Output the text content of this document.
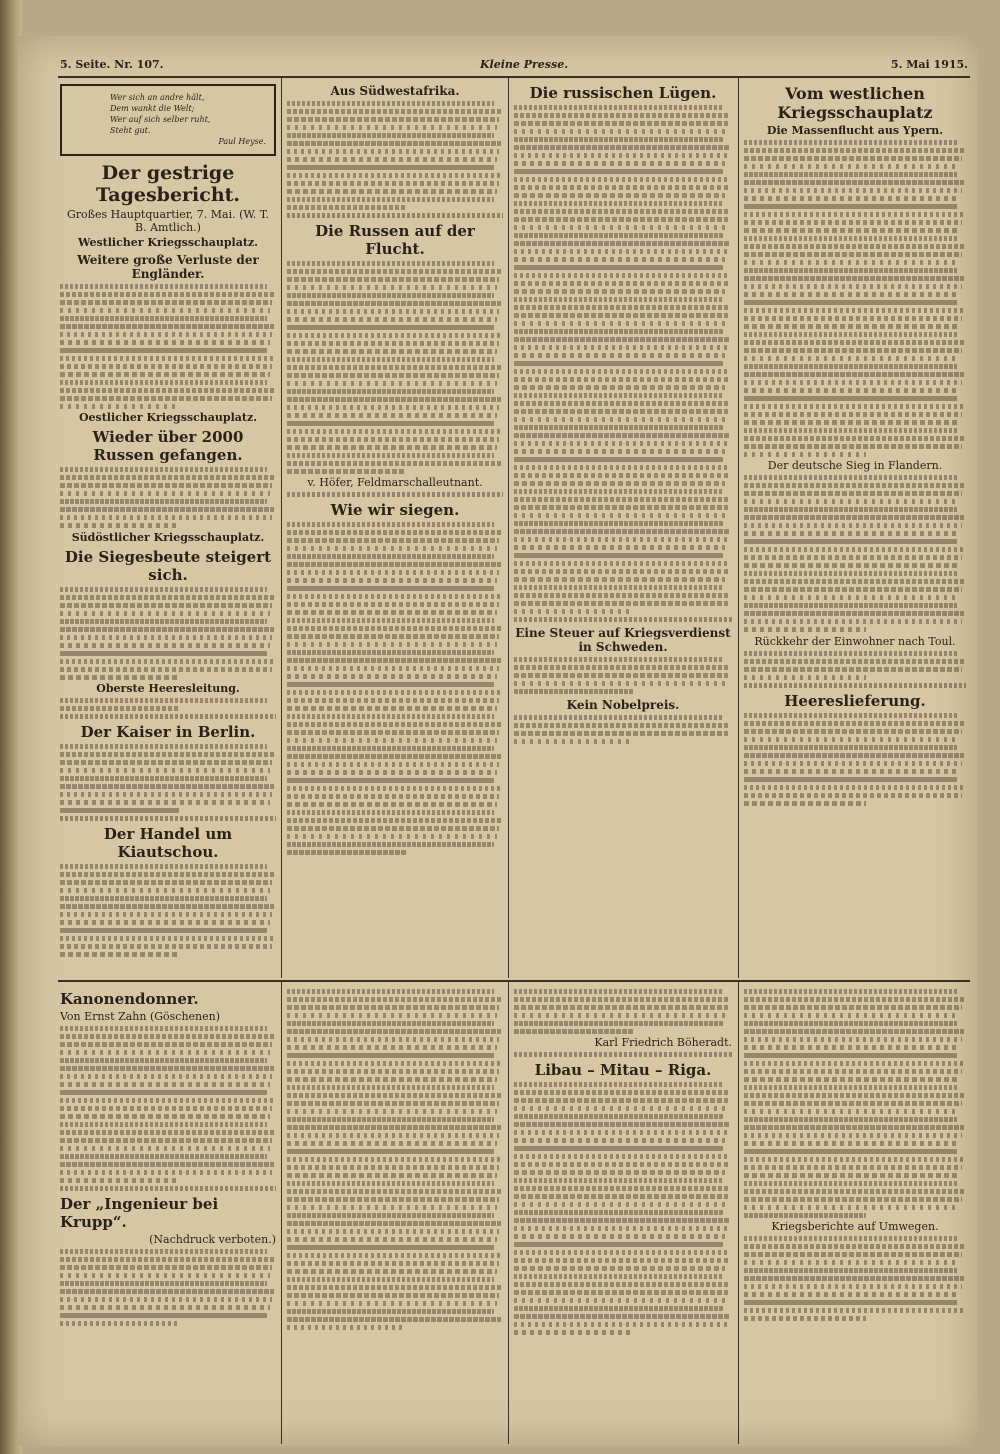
5. Seite. Nr. 107.	Kleine Presse.	5. Mai 1915.
Wer sich an andre hält,
Dem wankt die Welt;
Wer auf sich selber ruht,
Steht gut.
Paul Heyse.
Der gestrige Tagesbericht.
Großes Hauptquartier, 7. Mai. (W. T. B. Amtlich.)
Westlicher Kriegsschauplatz.
Weitere große Verluste der Engländer.
Oestlicher Kriegsschauplatz.
Wieder über 2000 Russen gefangen.
Südöstlicher Kriegsschauplatz.
Die Siegesbeute steigert sich.
Oberste Heeresleitung.
Der Kaiser in Berlin.
Der Handel um Kiautschou.
Aus Südwestafrika.
Die Russen auf der Flucht.
v. Höfer, Feldmarschalleutnant.
Wie wir siegen.
Die russischen Lügen.
Eine Steuer auf Kriegsverdienst in Schweden.
Kein Nobelpreis.
Vom westlichen Kriegsschauplatz
Die Massenflucht aus Ypern.
Der deutsche Sieg in Flandern.
Rückkehr der Einwohner nach Toul.
Heereslieferung.
Kanonendonner.
Von Ernst Zahn (Göschenen)
Der „Ingenieur bei Krupp“.
(Nachdruck verboten.)
Karl Friedrich Böheradt.
Libau – Mitau – Riga.
Kriegsberichte auf Umwegen.
